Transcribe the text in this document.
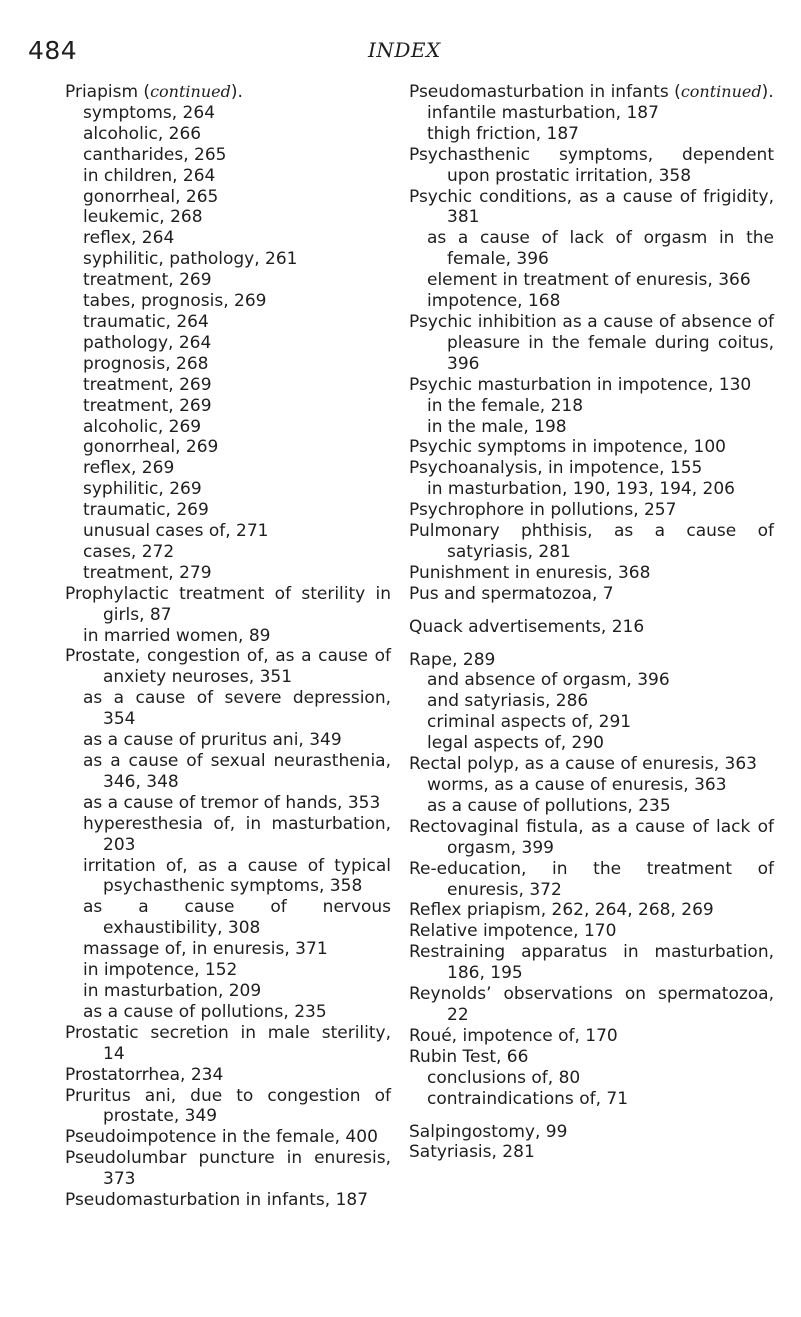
484	INDEX
Priapism (continued).
symptoms, 264
alcoholic, 266
cantharides, 265
in children, 264
gonorrheal, 265
leukemic, 268
reflex, 264
syphilitic, pathology, 261
treatment, 269
tabes, prognosis, 269
traumatic, 264
pathology, 264
prognosis, 268
treatment, 269
treatment, 269
alcoholic, 269
gonorrheal, 269
reflex, 269
syphilitic, 269
traumatic, 269
unusual cases of, 271
cases, 272
treatment, 279
Prophylactic treatment of sterility in girls, 87
in married women, 89
Prostate, congestion of, as a cause of anxiety neuroses, 351
as a cause of severe depression, 354
as a cause of pruritus ani, 349
as a cause of sexual neurasthenia, 346, 348
as a cause of tremor of hands, 353
hyperesthesia of, in masturbation, 203
irritation of, as a cause of typical psychasthenic symptoms, 358
as a cause of nervous exhaustibility, 308
massage of, in enuresis, 371
in impotence, 152
in masturbation, 209
as a cause of pollutions, 235
Prostatic secretion in male sterility, 14
Prostatorrhea, 234
Pruritus ani, due to congestion of prostate, 349
Pseudoimpotence in the female, 400
Pseudolumbar puncture in enuresis, 373
Pseudomasturbation in infants, 187
Pseudomasturbation in infants (continued).
infantile masturbation, 187
thigh friction, 187
Psychasthenic symptoms, dependent upon prostatic irritation, 358
Psychic conditions, as a cause of frigidity, 381
as a cause of lack of orgasm in the female, 396
element in treatment of enuresis, 366
impotence, 168
Psychic inhibition as a cause of absence of pleasure in the female during coitus, 396
Psychic masturbation in impotence, 130
in the female, 218
in the male, 198
Psychic symptoms in impotence, 100
Psychoanalysis, in impotence, 155
in masturbation, 190, 193, 194, 206
Psychrophore in pollutions, 257
Pulmonary phthisis, as a cause of satyriasis, 281
Punishment in enuresis, 368
Pus and spermatozoa, 7
Quack advertisements, 216
Rape, 289
and absence of orgasm, 396
and satyriasis, 286
criminal aspects of, 291
legal aspects of, 290
Rectal polyp, as a cause of enuresis, 363
worms, as a cause of enuresis, 363
as a cause of pollutions, 235
Rectovaginal fistula, as a cause of lack of orgasm, 399
Re-education, in the treatment of enuresis, 372
Reflex priapism, 262, 264, 268, 269
Relative impotence, 170
Restraining apparatus in masturbation, 186, 195
Reynolds’ observations on spermatozoa, 22
Roué, impotence of, 170
Rubin Test, 66
conclusions of, 80
contraindications of, 71
Salpingostomy, 99
Satyriasis, 281
